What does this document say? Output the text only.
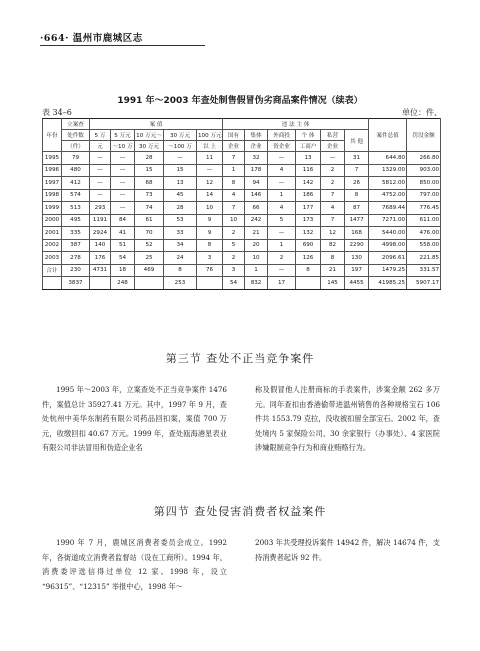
·664· 温州市鹿城区志
1991 年～2003 年查处制售假冒伪劣商品案件情况（续表）
表 34–6	单位：件、
年份	立案查	案 值					违 法 主 体						案件总值	罚没金额
	处件数	5 万	5 万元	10 万元～	30 万元	100 万元	国有	集体	外商投	个 体	私营	其 他		
	（件）	元	～10 万	30 万元	～100 万	以 上	企业	企业	资企业	工商户	企业			
1995	79	—	—	28	—	11	7	32	—	13	—	31	644.80	266.80
1996	480	—	—	15	15	—	1	178	4	116	2	7	1329.00	903.00
1997	412	—	—	68	13	12	8	94	—	142	2	26	5812.00	850.00
1998	574	—	—	73	45	14	4	146	1	186	7	8	4752.00	797.00
1999	513	293	—	74	28	10	7	66	4	177	4	87	7689.44	776.45
2000	495	1191	84	61	53	9	10	242	5	173	7	1477	7271.00	611.00
2001	335	2924	41	70	33	9	2	21	—	132	12	168	5440.00	476.00
2002	387	140	51	52	34	8	5	20	1	690	82	2290	4998.00	558.00
2003	278	176	54	25	24	3	2	10	2	126	8	130	2096.61	221.85
合计	230	4731	18	469	8	76	3	1	—	8	21	197	1479.25	331.57
	3837		248		253		54	832	17		145	4455	41985.25	5907.17
第三节 查处不正当竞争案件

1995 年～2003 年，立案查处不正当竞争案件 1476 件，案值总计 35927.41 万元。其中，1997 年 9 月，查处杭州中美华东制药有限公司药品回扣案，案值 700 万元，收缴回扣 40.67 万元。1999 年，查处瓯海港星表业有限公司非法冒用和伪造企业名

称及假冒他人注册商标的手表案件，涉案金额 262 多万元。同年查扣由香港偷带进温州销售的各种规格宝石 106 件共 1553.79 克拉，没收被扣留全部宝石。2002 年，查处境内 5 家保险公司、30 余家银行（办事处）、4 家医院涉嫌限制竞争行为和商业贿赂行为。

第四节 查处侵害消费者权益案件

1990 年 7 月，鹿城区消费者委员会成立。1992 年，各街道成立消费者监督站（设在工商所）。1994 年，消费委评选信得过单位 12 家。1998 年，设立 “96315”、“12315” 举报中心，1998 年～

2003 年共受理投诉案件 14942 件，解决 14674 件，支持消费者起诉 92 件。
